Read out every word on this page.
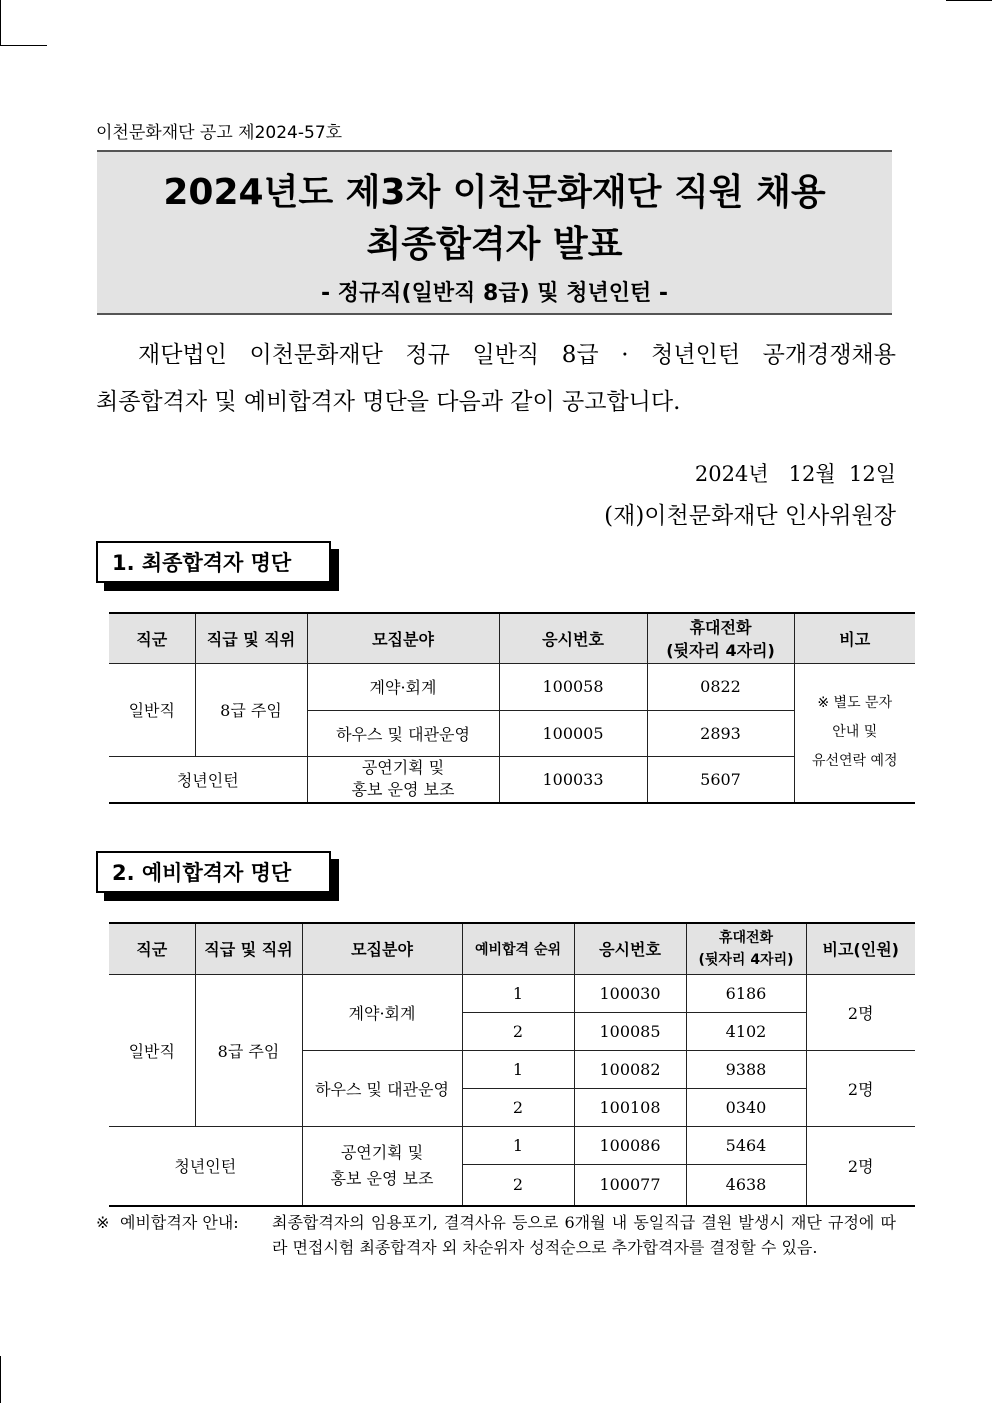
이천문화재단 공고 제2024-57호
2024년도 제3차 이천문화재단 직원 채용
최종합격자 발표
- 정규직(일반직 8급) 및 청년인턴 -
재단법인 이천문화재단 정규 일반직 8급 · 청년인턴 공개경쟁채용
최종합격자 및 예비합격자 명단을 다음과 같이 공고합니다.
2024년   12월  12일
(재)이천문화재단 인사위원장
1. 최종합격자 명단
직군	직급 및 직위	모집분야	응시번호	휴대전화
(뒷자리 4자리)	비고
일반직	8급 주임	계약·회계	100058	0822	※ 별도 문자
안내 및
유선연락 예정
		하우스 및 대관운영	100005	2893	
청년인턴		공연기획 및
홍보 운영 보조	100033	5607	
2. 예비합격자 명단
직군	직급 및 직위	모집분야	예비합격 순위	응시번호	휴대전화
(뒷자리 4자리)	비고(인원)
일반직	8급 주임	계약·회계	1	100030	6186	2명
			2	100085	4102	
		하우스 및 대관운영	1	100082	9388	2명
			2	100108	0340	
청년인턴		공연기획 및
홍보 운영 보조	1	100086	5464	2명
			2	100077	4638	
※ 예비합격자 안내: 최종합격자의 임용포기, 결격사유 등으로 6개월 내 동일직급 결원 발생시 재단 규정에 따라 면접시험 최종합격자 외 차순위자 성적순으로 추가합격자를 결정할 수 있음.
